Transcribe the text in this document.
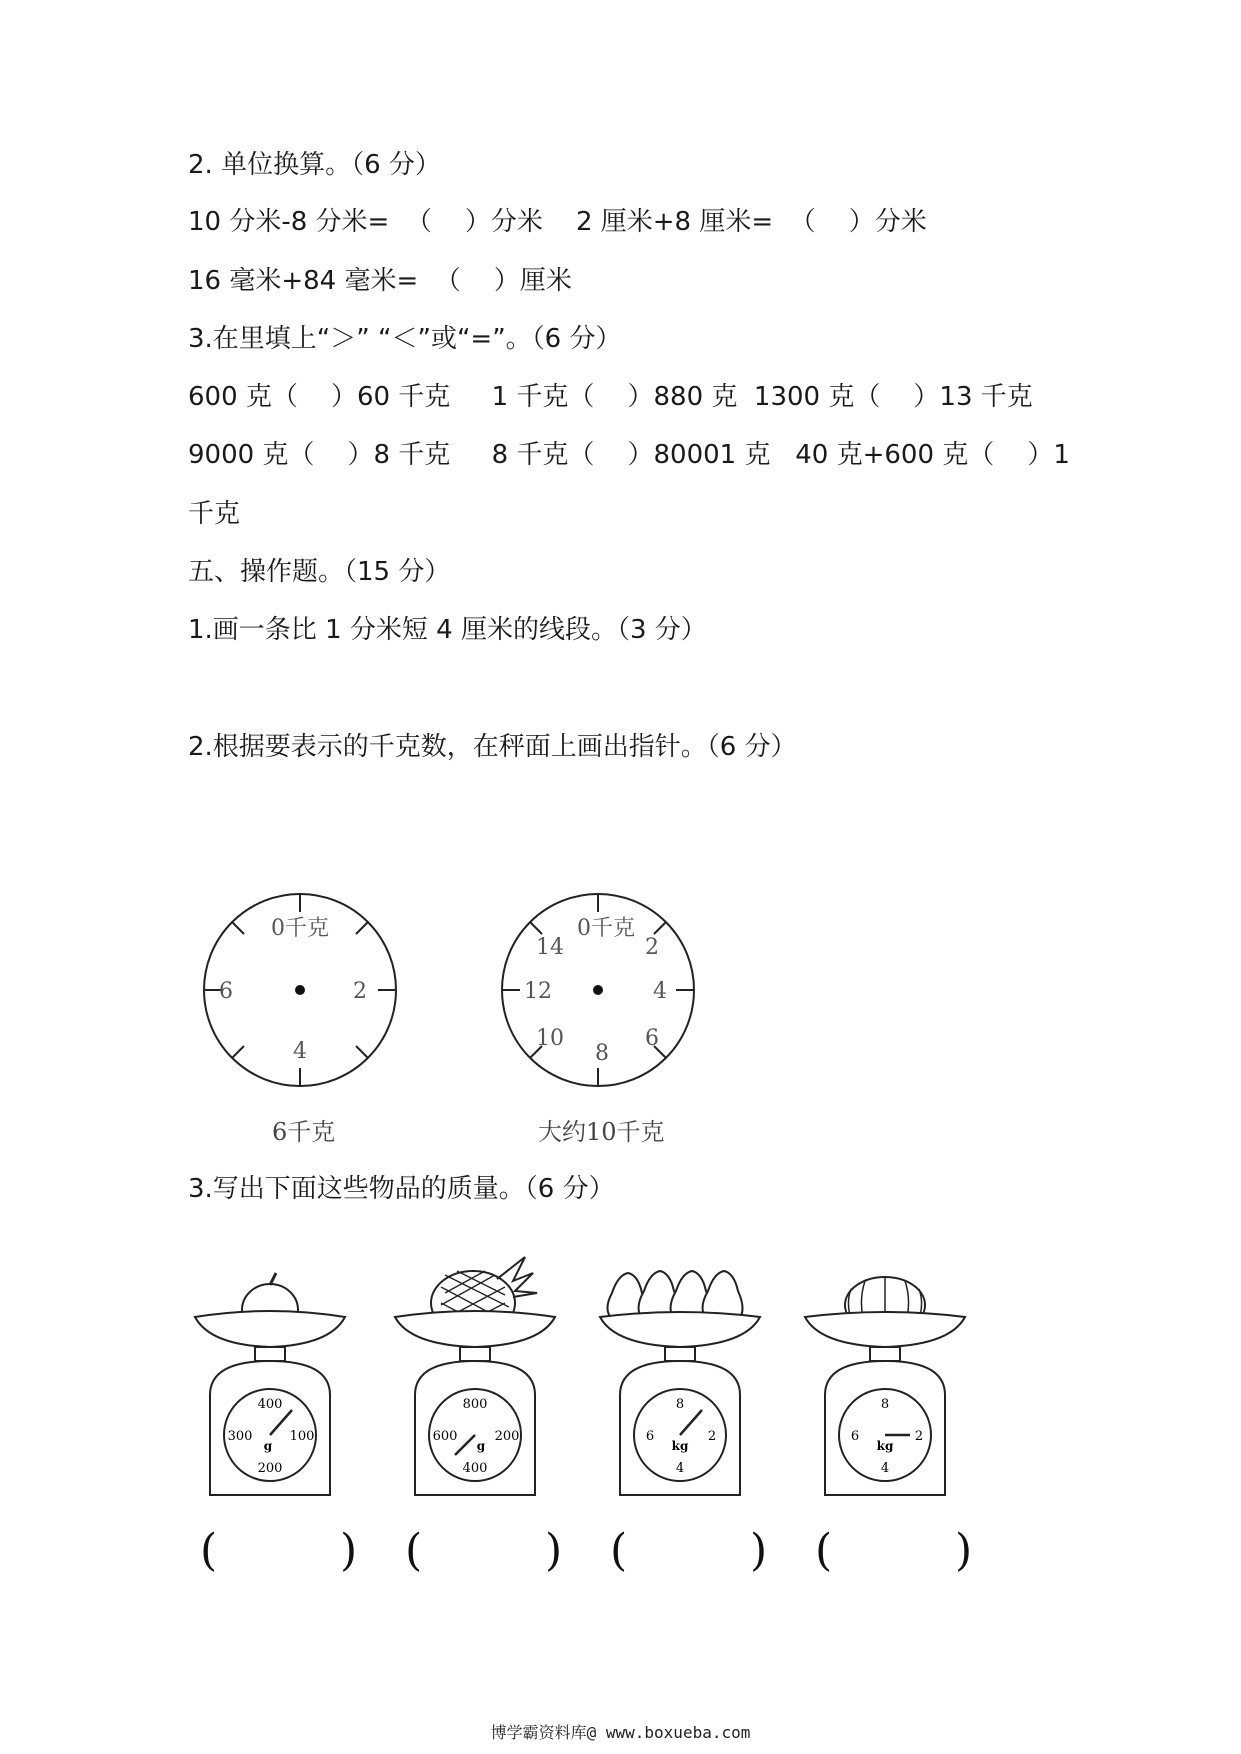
2. 单位换算。（6 分）
10 分米-8 分米=  （    ）分米    2 厘米+8 厘米=  （    ）分米
16 毫米+84 毫米=  （    ）厘米
3.在里填上“＞” “＜”或“=”。（6 分）
600 克（    ）60 千克     1 千克（    ）880 克  1300 克（    ）13 千克
9000 克（    ）8 千克     8 千克（    ）80001 克   40 克+600 克（    ）1
千克
五、操作题。（15 分）
1.画一条比 1 分米短 4 厘米的线段。（3 分）
2.根据要表示的千克数，在秤面上画出指针。（6 分）
0千克
2
4
6
6千克
0千克
2
4
6
8
10
12
14
大约10千克
3.写出下面这些物品的质量。（6 分）
400
100
200
300
g
800
200
400
600
g
8
2
4
6
kg
8
2
4
6
kg
(	) (	) (	) (	)
博学霸资料库@ www.boxueba.com
